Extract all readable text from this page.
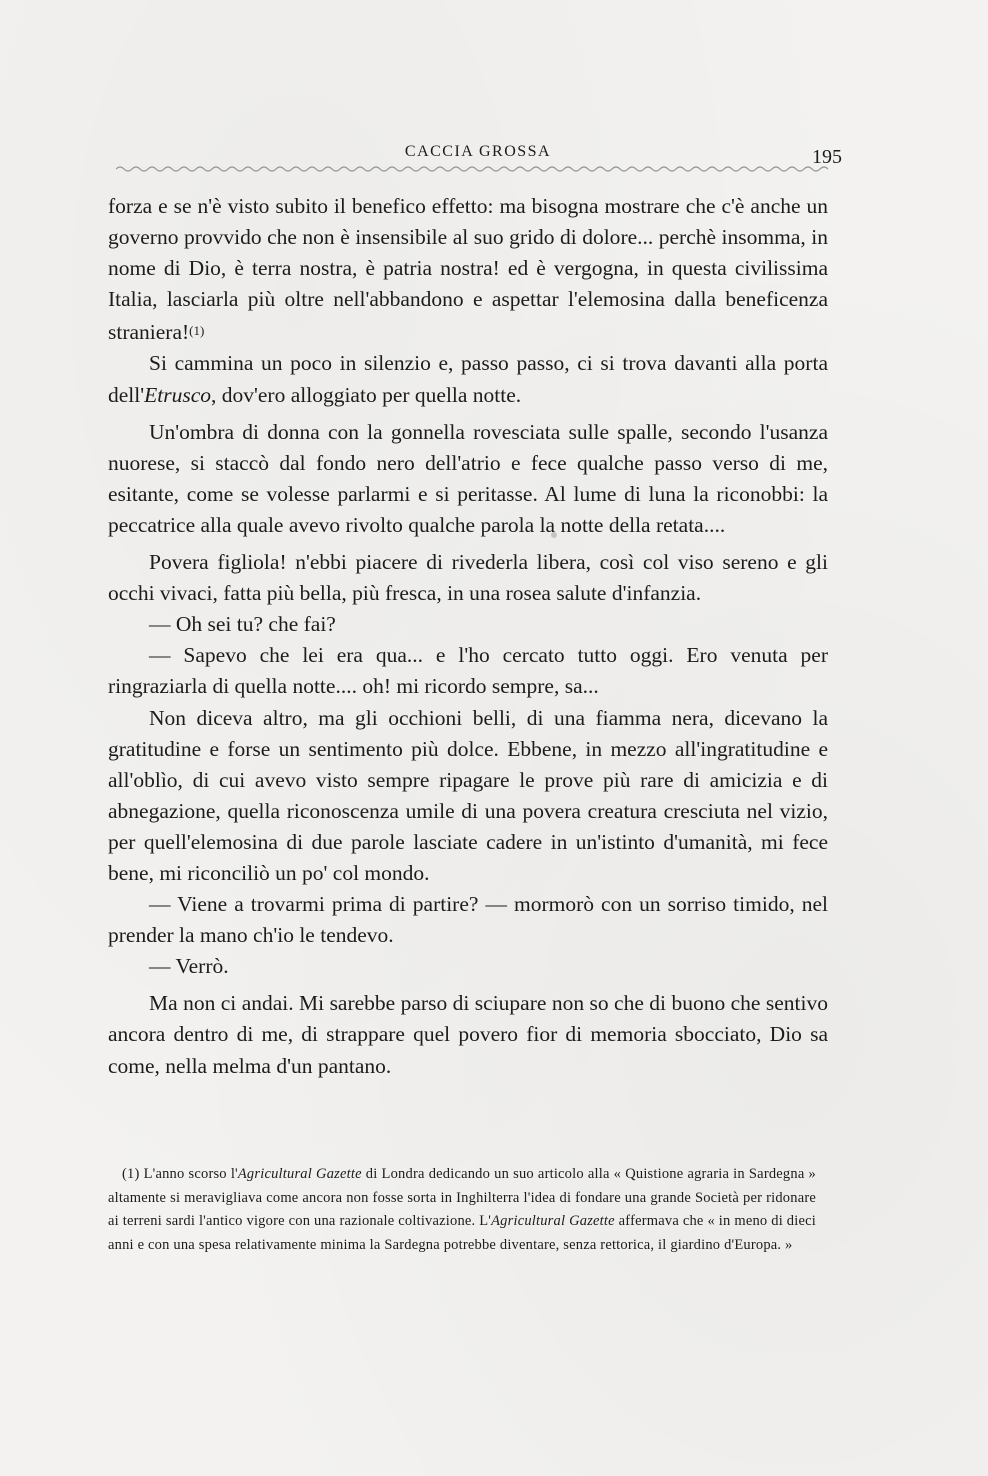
CACCIA GROSSA	195

forza e se n'è visto subito il benefico effetto: ma bisogna mostrare che c'è anche un governo provvido che non è insensibile al suo grido di dolore... perchè insomma, in nome di Dio, è terra nostra, è patria nostra! ed è vergogna, in questa civilissima Italia, lasciarla più oltre nell'abbandono e aspettar l'elemosina dalla beneficenza straniera!(1)

Si cammina un poco in silenzio e, passo passo, ci si trova davanti alla porta dell'Etrusco, dov'ero alloggiato per quella notte.

Un'ombra di donna con la gonnella rovesciata sulle spalle, secondo l'usanza nuorese, si staccò dal fondo nero dell'atrio e fece qualche passo verso di me, esitante, come se volesse parlarmi e si peritasse. Al lume di luna la riconobbi: la peccatrice alla quale avevo rivolto qualche parola la notte della retata....

Povera figliola! n'ebbi piacere di rivederla libera, così col viso sereno e gli occhi vivaci, fatta più bella, più fresca, in una rosea salute d'infanzia.

— Oh sei tu? che fai?

— Sapevo che lei era qua... e l'ho cercato tutto oggi. Ero venuta per ringraziarla di quella notte.... oh! mi ricordo sempre, sa...

Non diceva altro, ma gli occhioni belli, di una fiamma nera, dicevano la gratitudine e forse un sentimento più dolce. Ebbene, in mezzo all'ingratitudine e all'oblìo, di cui avevo visto sempre ripagare le prove più rare di amicizia e di abnegazione, quella riconoscenza umile di una povera creatura cresciuta nel vizio, per quell'elemosina di due parole lasciate cadere in un'istinto d'umanità, mi fece bene, mi riconciliò un po' col mondo.

— Viene a trovarmi prima di partire? — mormorò con un sorriso timido, nel prender la mano ch'io le tendevo.

— Verrò.

Ma non ci andai. Mi sarebbe parso di sciupare non so che di buono che sentivo ancora dentro di me, di strappare quel povero fior di memoria sbocciato, Dio sa come, nella melma d'un pantano.

(1) L'anno scorso l'Agricultural Gazette di Londra dedicando un suo articolo alla « Quistione agraria in Sardegna » altamente si meravigliava come ancora non fosse sorta in Inghilterra l'idea di fondare una grande Società per ridonare ai terreni sardi l'antico vigore con una razionale coltivazione. L'Agricultural Gazette affermava che « in meno di dieci anni e con una spesa relativamente minima la Sardegna potrebbe diventare, senza rettorica, il giardino d'Europa. »
